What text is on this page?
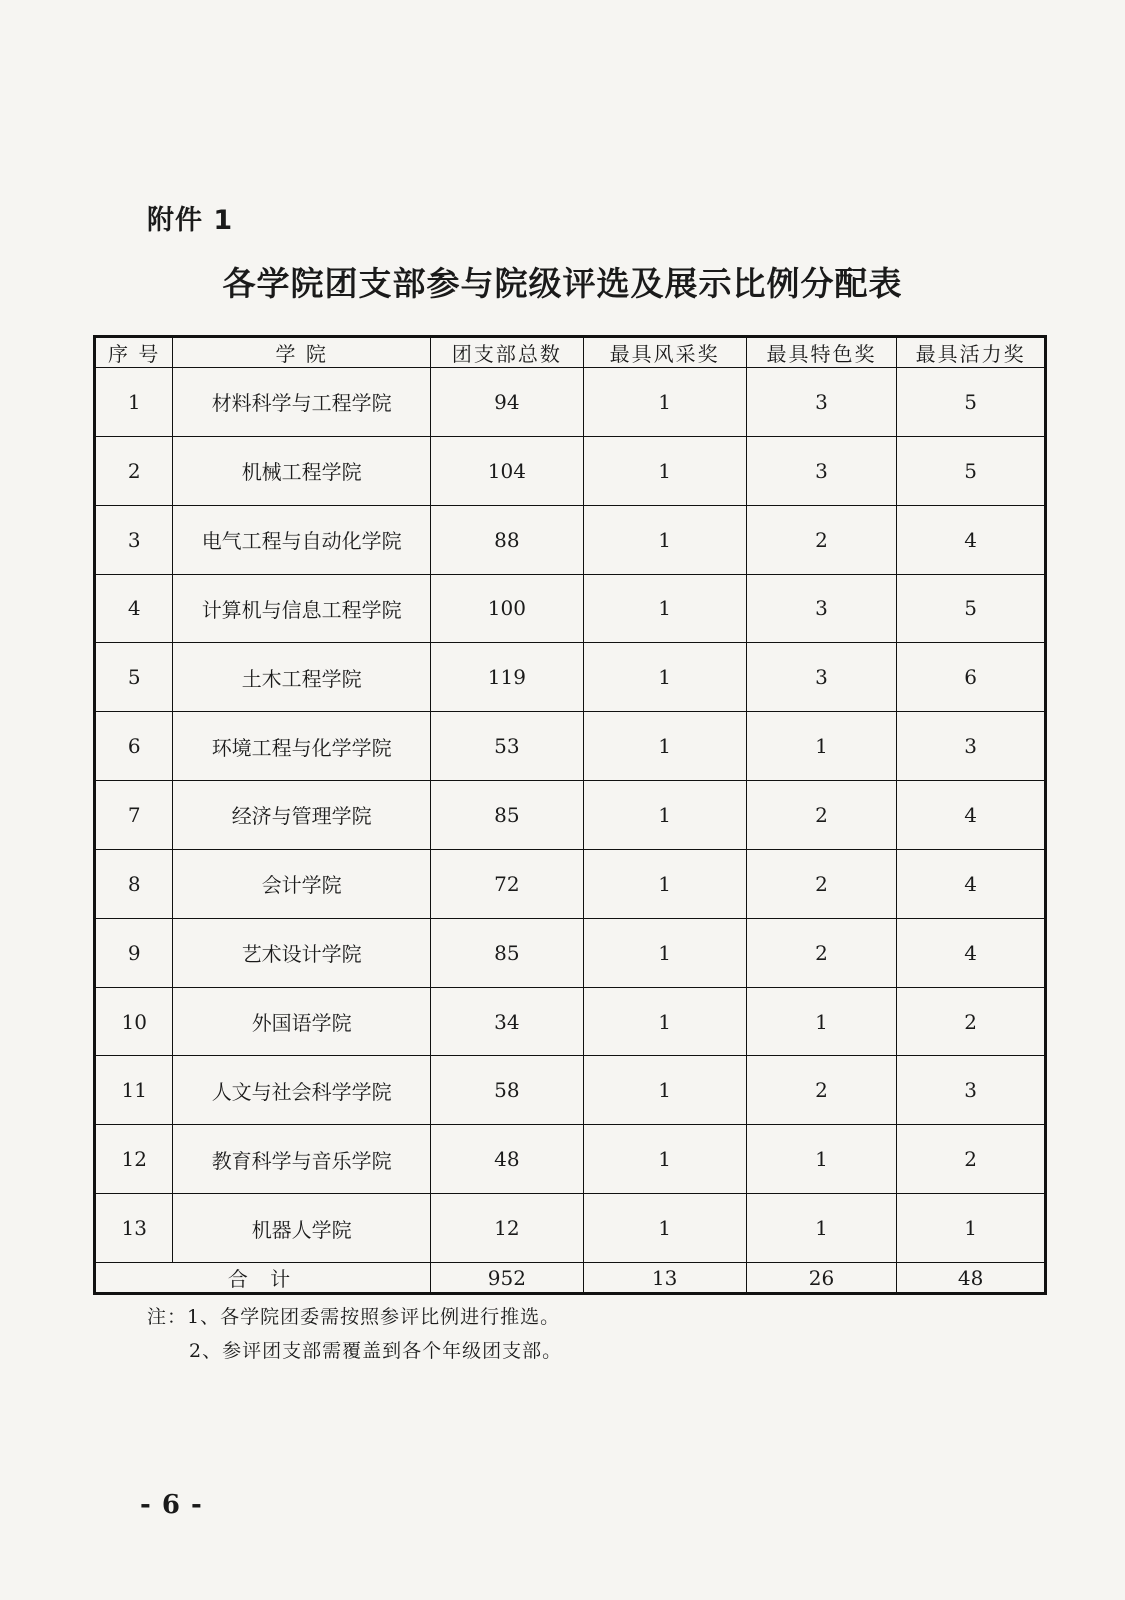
附件 1
各学院团支部参与院级评选及展示比例分配表
序 号	学 院	团支部总数	最具风采奖	最具特色奖	最具活力奖
1	材料科学与工程学院	94	1	3	5
2	机械工程学院	104	1	3	5
3	电气工程与自动化学院	88	1	2	4
4	计算机与信息工程学院	100	1	3	5
5	土木工程学院	119	1	3	6
6	环境工程与化学学院	53	1	1	3
7	经济与管理学院	85	1	2	4
8	会计学院	72	1	2	4
9	艺术设计学院	85	1	2	4
10	外国语学院	34	1	1	2
11	人文与社会科学学院	58	1	2	3
12	教育科学与音乐学院	48	1	1	2
13	机器人学院	12	1	1	1
合 计		952	13	26	48
注：1、各学院团委需按照参评比例进行推选。
2、参评团支部需覆盖到各个年级团支部。
- 6 -
